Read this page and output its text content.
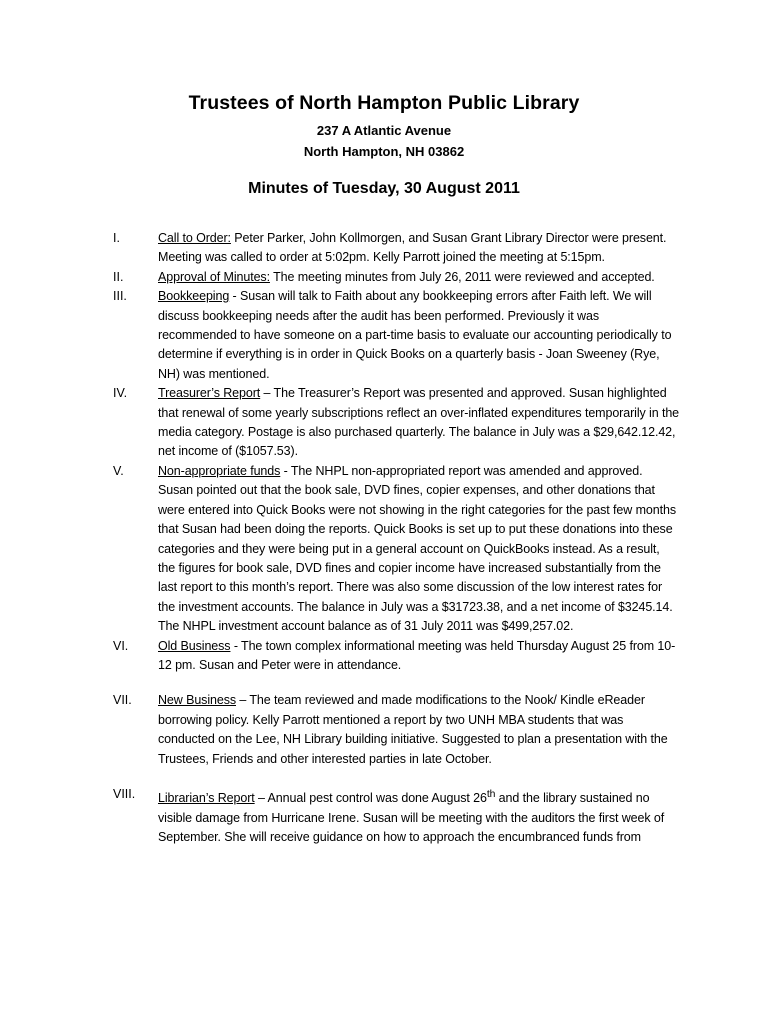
Trustees of North Hampton Public Library
237 A Atlantic Avenue
North Hampton, NH 03862
Minutes of Tuesday, 30 August 2011
I.	Call to Order: Peter Parker, John Kollmorgen, and Susan Grant Library Director were present. Meeting was called to order at 5:02pm. Kelly Parrott joined the meeting at 5:15pm.
II.	Approval of Minutes: The meeting minutes from July 26, 2011 were reviewed and accepted.
III. Bookkeeping - Susan will talk to Faith about any bookkeeping errors after Faith left. We will discuss bookkeeping needs after the audit has been performed. Previously it was recommended to have someone on a part-time basis to evaluate our accounting periodically to determine if everything is in order in Quick Books on a quarterly basis - Joan Sweeney (Rye, NH) was mentioned.
IV. Treasurer’s Report – The Treasurer’s Report was presented and approved. Susan highlighted that renewal of some yearly subscriptions reflect an over-inflated expenditures temporarily in the media category. Postage is also purchased quarterly. The balance in July was a $29,642.12.42, net income of ($1057.53).
V.	Non-appropriate funds - The NHPL non-appropriated report was amended and approved. Susan pointed out that the book sale, DVD fines, copier expenses, and other donations that were entered into Quick Books were not showing in the right categories for the past few months that Susan had been doing the reports. Quick Books is set up to put these donations into these categories and they were being put in a general account on QuickBooks instead. As a result, the figures for book sale, DVD fines and copier income have increased substantially from the last report to this month’s report. There was also some discussion of the low interest rates for the investment accounts. The balance in July was a $31723.38, and a net income of $3245.14. The NHPL investment account balance as of 31 July 2011 was $499,257.02.
VI. Old Business - The town complex informational meeting was held Thursday August 25 from 10-12 pm. Susan and Peter were in attendance.
VII. New Business – The team reviewed and made modifications to the Nook/ Kindle eReader borrowing policy. Kelly Parrott mentioned a report by two UNH MBA students that was conducted on the Lee, NH Library building initiative. Suggested to plan a presentation with the Trustees, Friends and other interested parties in late October.
VIII. Librarian’s Report – Annual pest control was done August 26th and the library sustained no visible damage from Hurricane Irene. Susan will be meeting with the auditors the first week of September. She will receive guidance on how to approach the encumbranced funds from
